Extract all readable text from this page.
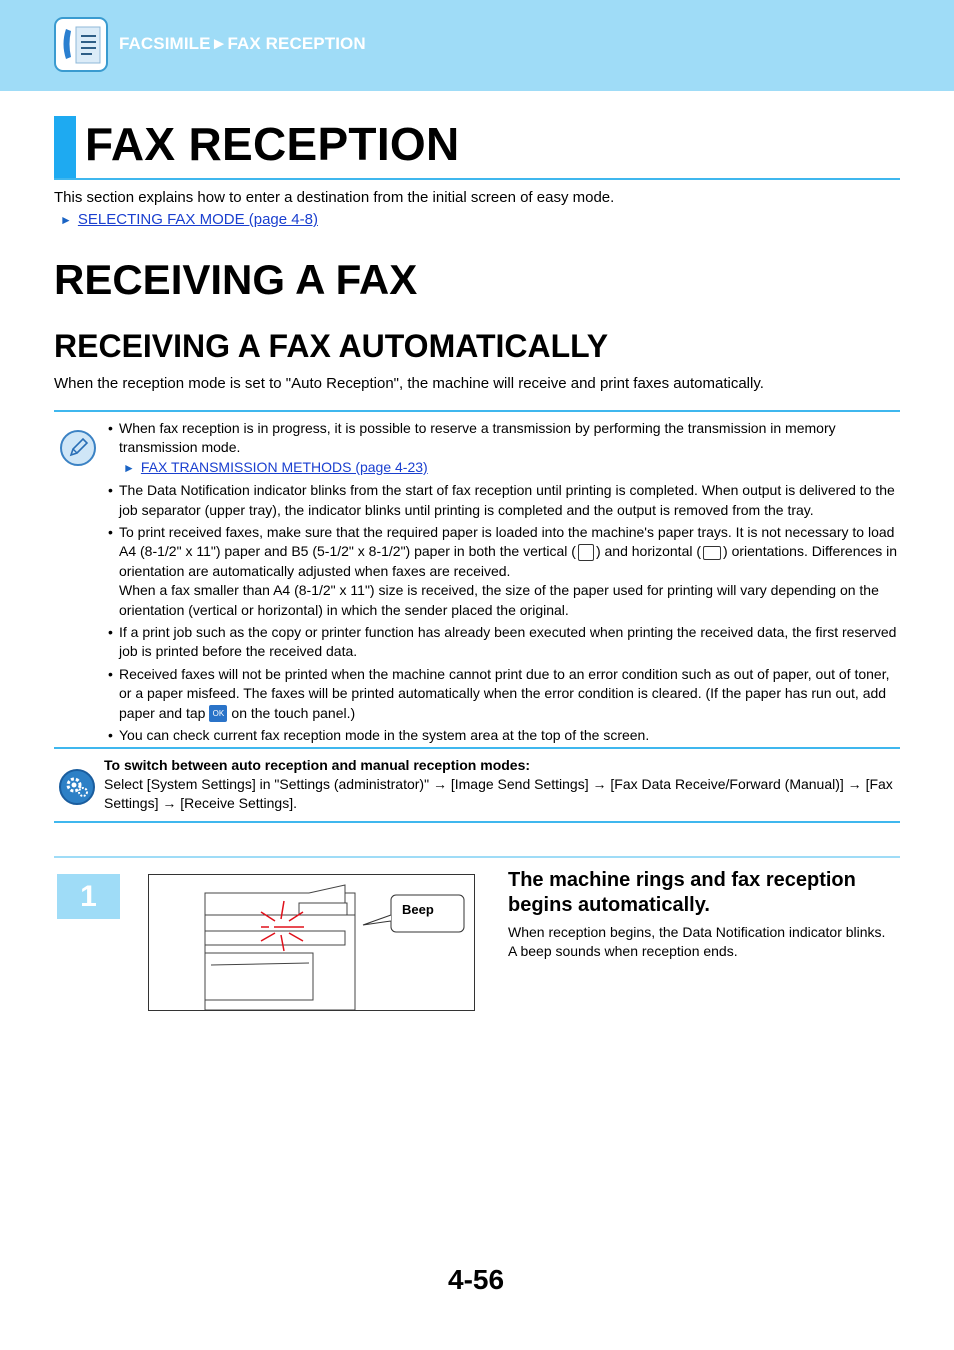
FACSIMILE►FAX RECEPTION
FAX RECEPTION
This section explains how to enter a destination from the initial screen of easy mode.
► SELECTING FAX MODE (page 4-8)
RECEIVING A FAX
RECEIVING A FAX AUTOMATICALLY
When the reception mode is set to "Auto Reception", the machine will receive and print faxes automatically.
• When fax reception is in progress, it is possible to reserve a transmission by performing the transmission in memory transmission mode.
► FAX TRANSMISSION METHODS (page 4-23)
• The Data Notification indicator blinks from the start of fax reception until printing is completed. When output is delivered to the job separator (upper tray), the indicator blinks until printing is completed and the output is removed from the tray.
• To print received faxes, make sure that the required paper is loaded into the machine's paper trays. It is not necessary to load A4 (8-1/2" x 11") paper and B5 (5-1/2" x 8-1/2") paper in both the vertical ( ) and horizontal ( ) orientations. Differences in orientation are automatically adjusted when faxes are received.
When a fax smaller than A4 (8-1/2" x 11") size is received, the size of the paper used for printing will vary depending on the orientation (vertical or horizontal) in which the sender placed the original.
• If a print job such as the copy or printer function has already been executed when printing the received data, the first reserved job is printed before the received data.
• Received faxes will not be printed when the machine cannot print due to an error condition such as out of paper, out of toner, or a paper misfeed. The faxes will be printed automatically when the error condition is cleared. (If the paper has run out, add paper and tap OK on the touch panel.)
• You can check current fax reception mode in the system area at the top of the screen.
To switch between auto reception and manual reception modes:
Select [System Settings] in "Settings (administrator)" → [Image Send Settings] → [Fax Data Receive/Forward (Manual)] → [Fax Settings] → [Receive Settings].
1	Beep
The machine rings and fax reception begins automatically.
When reception begins, the Data Notification indicator blinks.
A beep sounds when reception ends.
4-56
